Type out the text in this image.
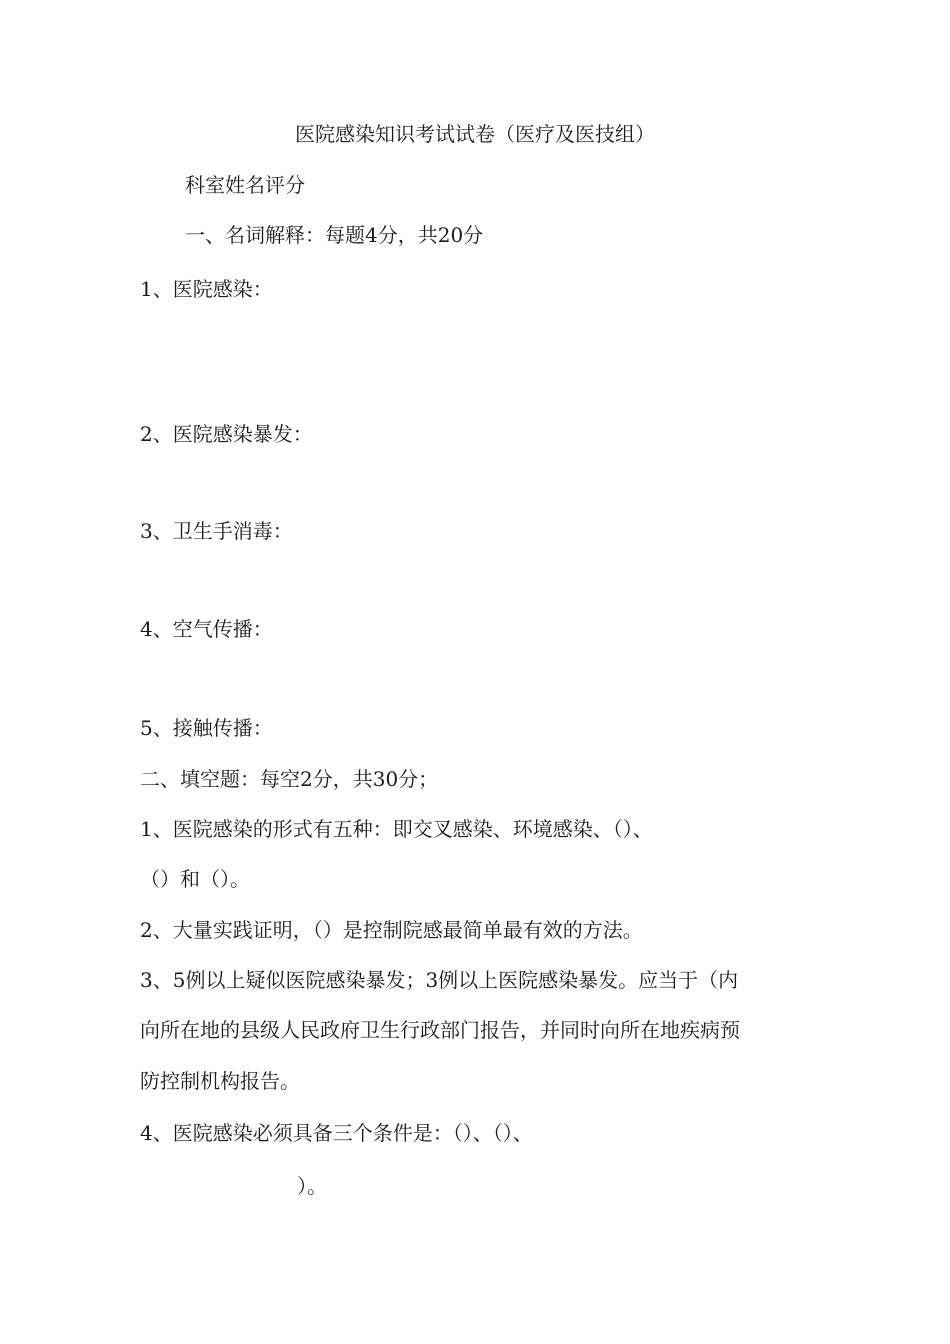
医院感染知识考试试卷（医疗及医技组）

科室姓名评分

一、名词解释：每题4分，共20分

1、医院感染：

2、医院感染暴发：

3、卫生手消毒：

4、空气传播：

5、接触传播：

二、填空题：每空2分，共30分；

1、医院感染的形式有五种：即交叉感染、环境感染、（）、

（）和（）。

2、大量实践证明，（）是控制院感最简单最有效的方法。

3、5例以上疑似医院感染暴发；3例以上医院感染暴发。应当于（内

向所在地的县级人民政府卫生行政部门报告，并同时向所在地疾病预

防控制机构报告。

4、医院感染必须具备三个条件是：（）、（）、

）。
